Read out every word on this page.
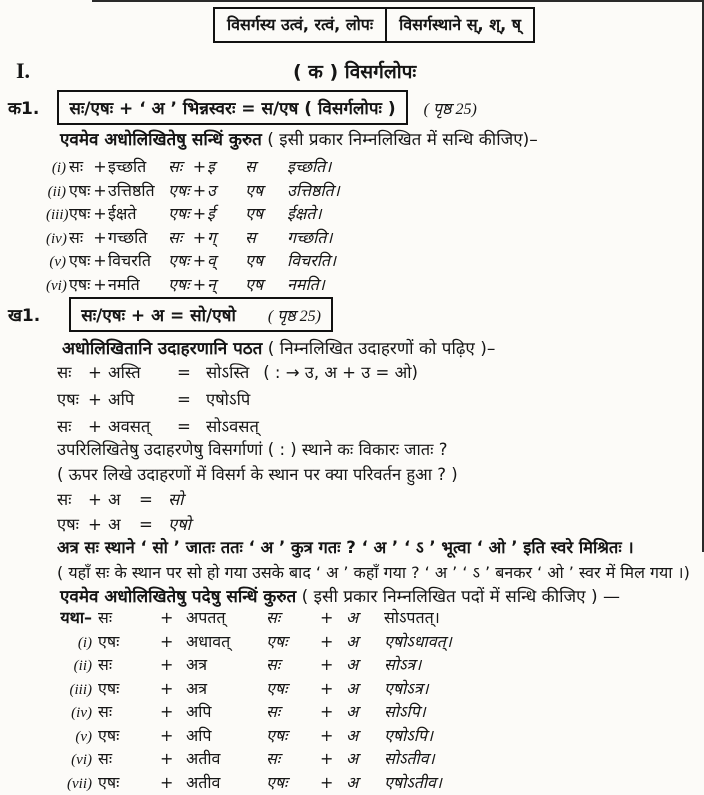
विसर्गस्य उत्वं, रत्वं, लोपः	विसर्गस्थाने स्, श्, ष्
I.	( क ) विसर्गलोपः
क1.	सः/एषः + ‘ अ ’ भिन्नस्वरः = स/एष ( विसर्गलोपः )	( पृष्ठ 25)
एवमेव अधोलिखितेषु सन्धिं कुरुत ( इसी प्रकार निम्नलिखित में सन्धि कीजिए)–
(i) सः + इच्छति	सः + इ	स	इच्छति।
(ii) एषः + उत्तिष्ठति एषः + उ	एष	उत्तिष्ठति।
(iii) एषः + ईक्षते	एषः + ई	एष	ईक्षते।
(iv) सः + गच्छति	सः + ग्	स	गच्छति।
(v) एषः + विचरति	एषः + व्	एष	विचरति।
(vi) एषः + नमति	एषः + न्	एष	नमति।
ख1.	सः/एषः + अ = सो/एषो ( पृष्ठ 25)
अधोलिखितानि उदाहरणानि पठत ( निम्नलिखित उदाहरणों को पढ़िए )–
सः	+ अस्ति	= सोऽस्ति ( : → उ, अ + उ = ओ)
एषः + अपि	= एषोऽपि
सः	+ अवसत्	= सोऽवसत्
उपरिलिखितेषु उदाहरणेषु विसर्गाणां ( : ) स्थाने कः विकारः जातः ?
( ऊपर लिखे उदाहरणों में विसर्ग के स्थान पर क्या परिवर्तन हुआ ? )
सः	+ अ	= सो
एषः + अ	= एषो
अत्र सः स्थाने ‘ सो ’ जातः ततः ‘ अ ’ कुत्र गतः ? ‘ अ ’ ‘ ऽ ’ भूत्वा ‘ ओ ’ इति स्वरे मिश्रितः ।
( यहाँ सः के स्थान पर सो हो गया उसके बाद ‘ अ ’ कहाँ गया ? ‘ अ ’ ‘ ऽ ’ बनकर ‘ ओ ’ स्वर में मिल गया ।)
एवमेव अधोलिखितेषु पदेषु सन्धिं कुरुत ( इसी प्रकार निम्नलिखित पदों में सन्धि कीजिए ) —
यथा– सः	+ अपतत्	सः	+ अ	सोऽपतत्।
(i) एषः	+ अधावत्	एषः	+ अ	एषोऽधावत्।
(ii) सः	+ अत्र	सः	+ अ	सोऽत्र।
(iii) एषः	+ अत्र	एषः	+ अ	एषोऽत्र।
(iv) सः	+ अपि	सः	+ अ	सोऽपि।
(v) एषः	+ अपि	एषः	+ अ	एषोऽपि।
(vi) सः	+ अतीव	सः	+ अ	सोऽतीव।
(vii) एषः	+ अतीव	एषः	+ अ	एषोऽतीव।
